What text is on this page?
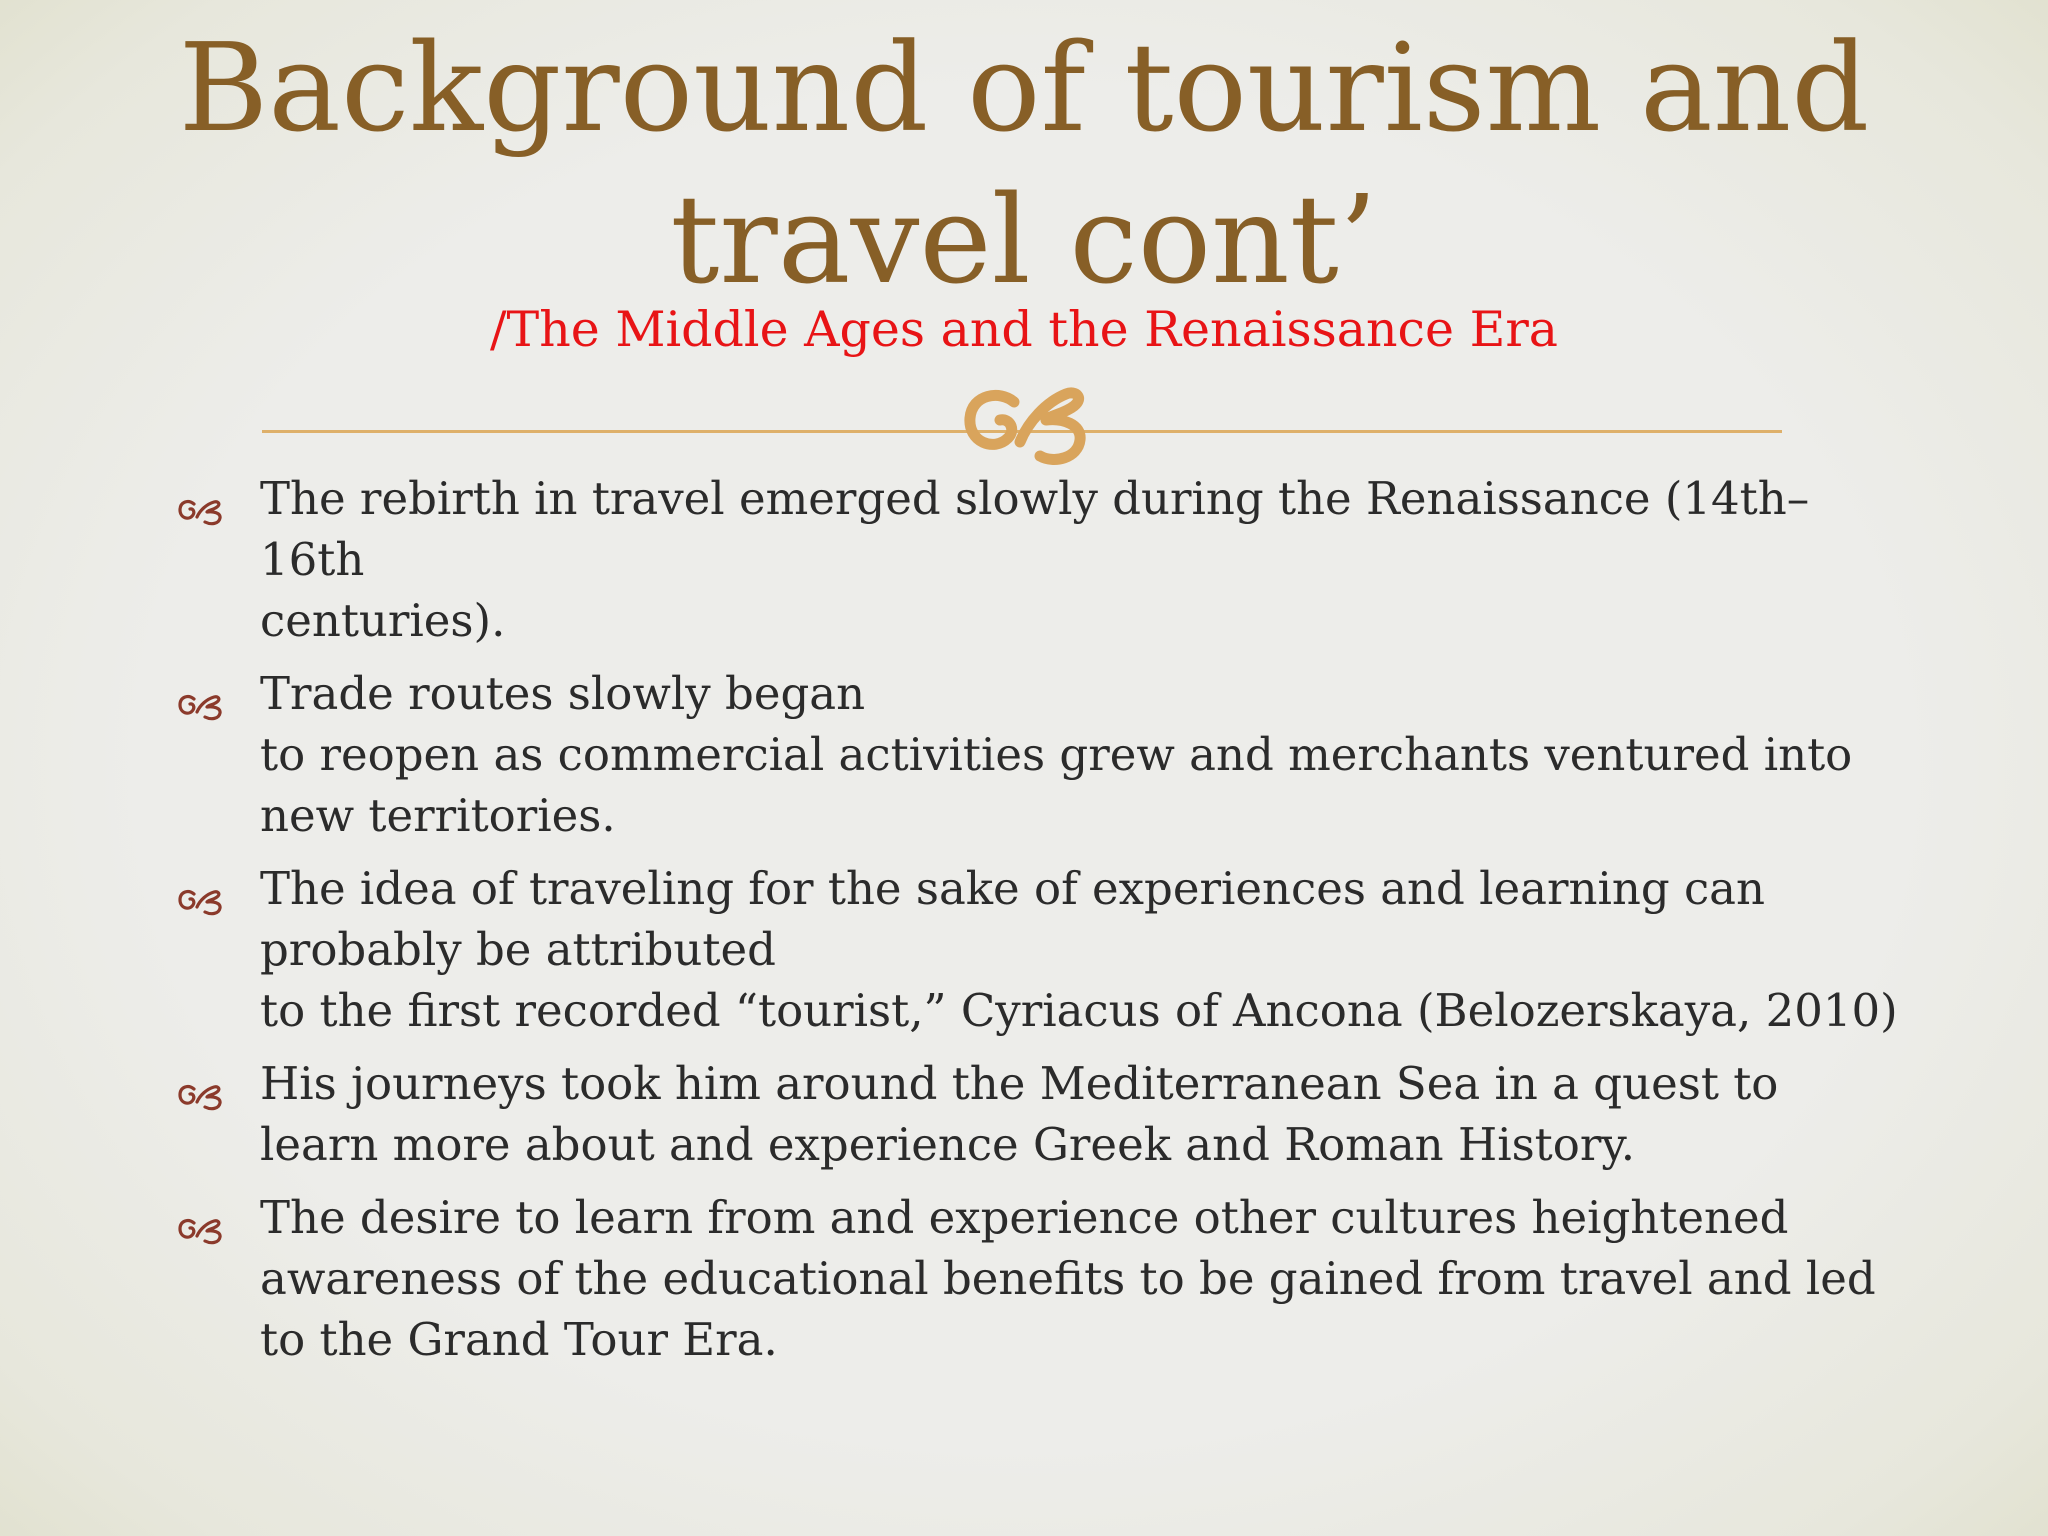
Background of tourism and
travel cont’

/The Middle Ages and the Renaissance Era

The rebirth in travel emerged slowly during the Renaissance (14th–
16th
centuries).
Trade routes slowly began
to reopen as commercial activities grew and merchants ventured into
new territories.
The idea of traveling for the sake of experiences and learning can
probably be attributed
to the first recorded “tourist,” Cyriacus of Ancona (Belozerskaya, 2010)
His journeys took him around the Mediterranean Sea in a quest to
learn more about and experience Greek and Roman History.
The desire to learn from and experience other cultures heightened
awareness of the educational benefits to be gained from travel and led
to the Grand Tour Era.
